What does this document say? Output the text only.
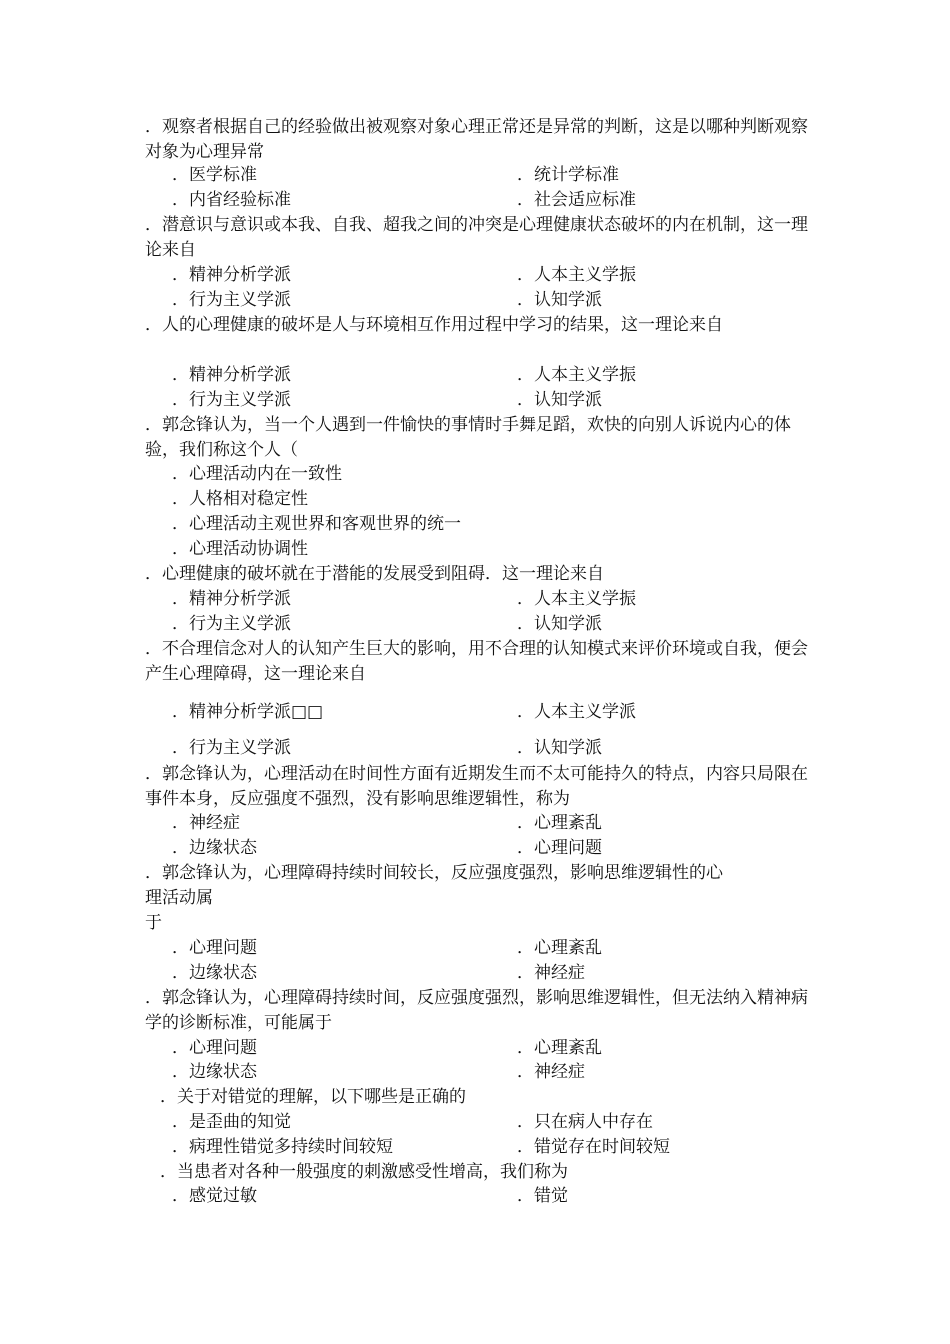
．观察者根据自己的经验做出被观察对象心理正常还是异常的判断，这是以哪种判断观察对象为心理异常
．医学标准	．统计学标准
．内省经验标准	．社会适应标准
．潜意识与意识或本我、自我、超我之间的冲突是心理健康状态破坏的内在机制，这一理论来自
．精神分析学派	．人本主义学振
．行为主义学派	．认知学派
．人的心理健康的破坏是人与环境相互作用过程中学习的结果，这一理论来自
．精神分析学派	．人本主义学振
．行为主义学派	．认知学派
．郭念锋认为，当一个人遇到一件愉快的事情时手舞足蹈，欢快的向别人诉说内心的体验，我们称这个人（
．心理活动内在一致性
．人格相对稳定性
．心理活动主观世界和客观世界的统一
．心理活动协调性
．心理健康的破坏就在于潜能的发展受到阻碍．这一理论来自
．精神分析学派	．人本主义学振
．行为主义学派	．认知学派
．不合理信念对人的认知产生巨大的影响，用不合理的认知模式来评价环境或自我，便会产生心理障碍，这一理论来自
．精神分析学派□□	．人本主义学派
．行为主义学派	．认知学派
．郭念锋认为，心理活动在时间性方面有近期发生而不太可能持久的特点，内容只局限在事件本身，反应强度不强烈，没有影响思维逻辑性，称为
．神经症	．心理紊乱
．边缘状态	．心理问题
．郭念锋认为，心理障碍持续时间较长，反应强度强烈，影响思维逻辑性的心
理活动属
于
．心理问题	．心理紊乱
．边缘状态	．神经症
．郭念锋认为，心理障碍持续时间，反应强度强烈，影响思维逻辑性，但无法纳入精神病学的诊断标准，可能属于
．心理问题	．心理紊乱
．边缘状态	．神经症
．关于对错觉的理解，以下哪些是正确的
．是歪曲的知觉	．只在病人中存在
．病理性错觉多持续时间较短	．错觉存在时间较短
．当患者对各种一般强度的刺激感受性增高，我们称为
．感觉过敏	．错觉
